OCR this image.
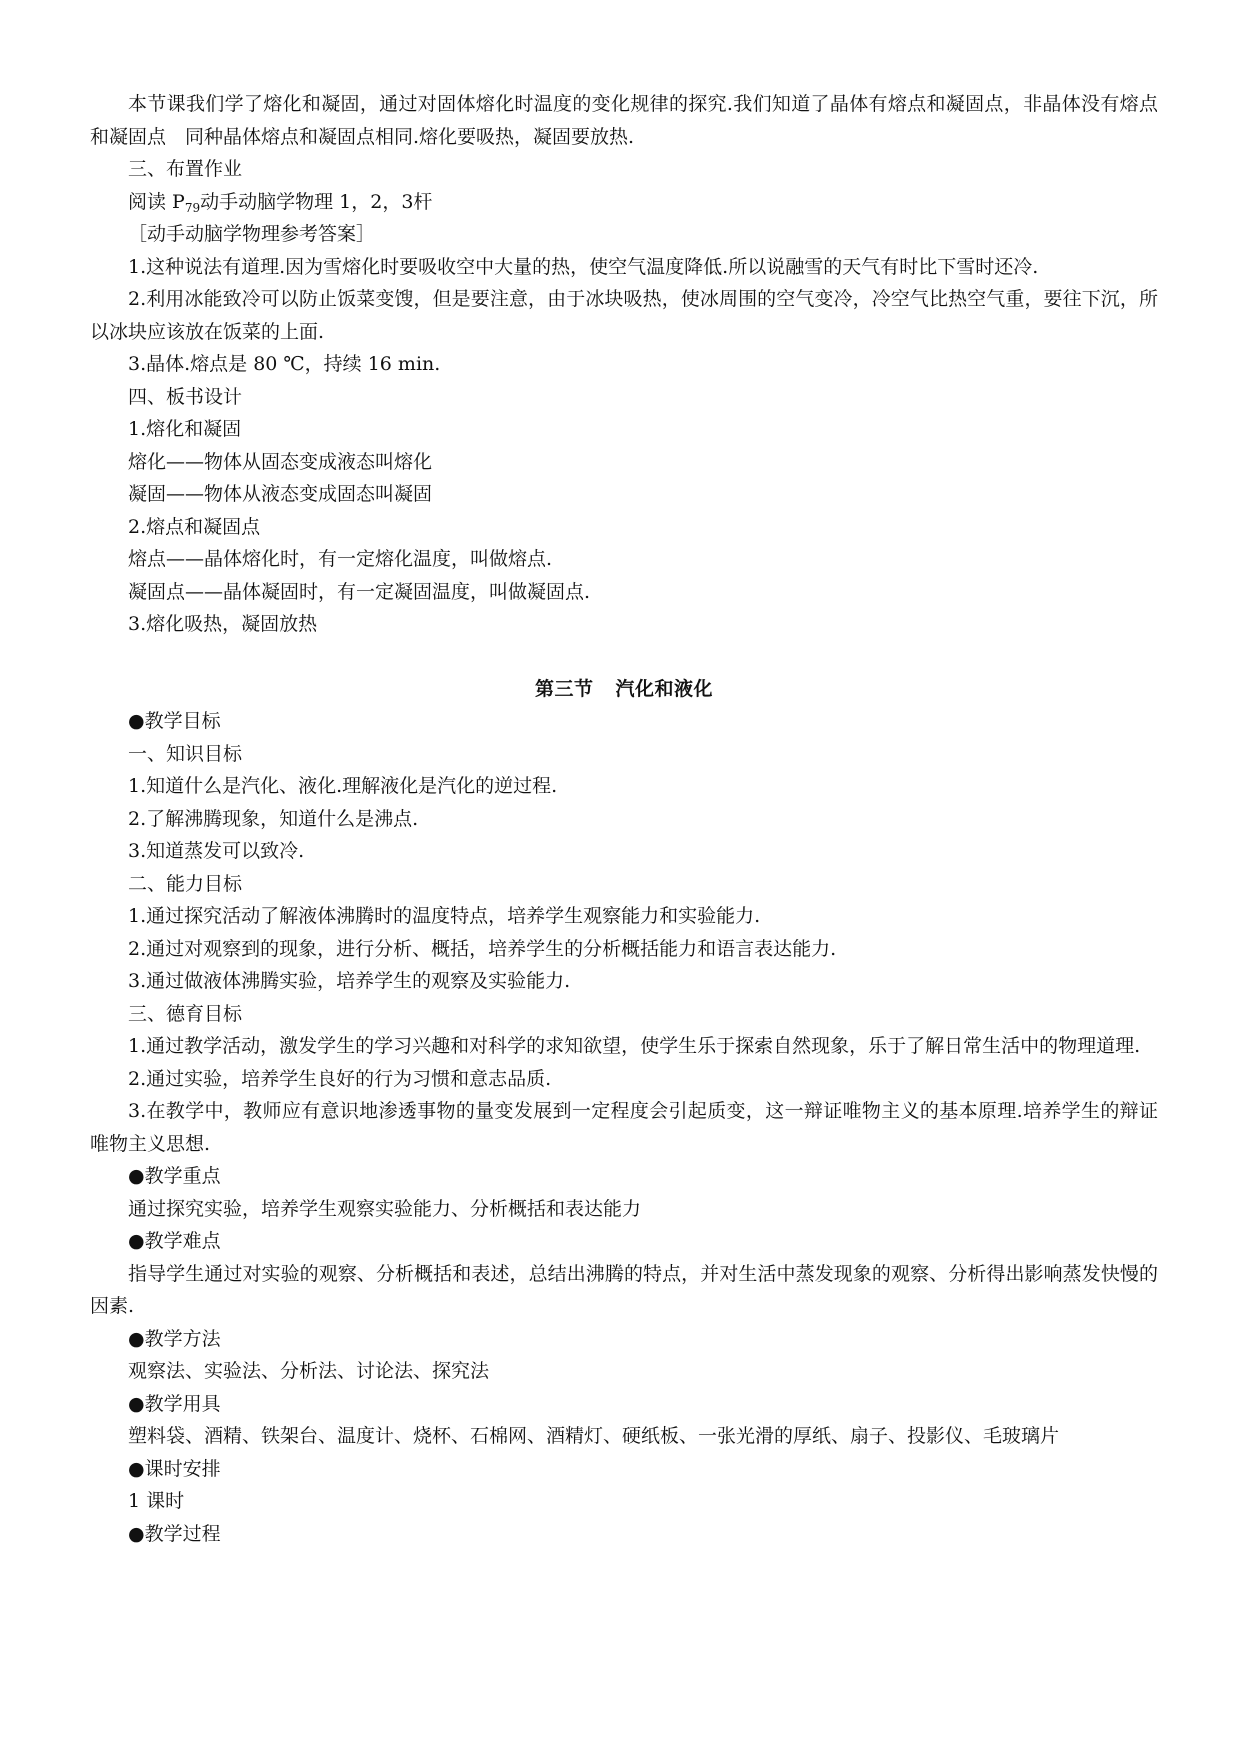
本节课我们学了熔化和凝固，通过对固体熔化时温度的变化规律的探究.我们知道了晶体有熔点和凝固点，非晶体没有熔点和凝固点　同种晶体熔点和凝固点相同.熔化要吸热，凝固要放热.

三、布置作业

阅读 $P_{79}$动手动脑学物理 1，2，3杆

［动手动脑学物理参考答案］

1.这种说法有道理.因为雪熔化时要吸收空中大量的热，使空气温度降低.所以说融雪的天气有时比下雪时还冷.

2.利用冰能致冷可以防止饭菜变馊，但是要注意，由于冰块吸热，使冰周围的空气变冷，冷空气比热空气重，要往下沉，所以冰块应该放在饭菜的上面.

3.晶体.熔点是 80 ℃，持续 16 min.

四、板书设计

1.熔化和凝固

熔化——物体从固态变成液态叫熔化

凝固——物体从液态变成固态叫凝固

2.熔点和凝固点

熔点——晶体熔化时，有一定熔化温度，叫做熔点.

凝固点——晶体凝固时，有一定凝固温度，叫做凝固点.

3.熔化吸热，凝固放热

第三节 汽化和液化

●教学目标

一、知识目标

1.知道什么是汽化、液化.理解液化是汽化的逆过程.

2.了解沸腾现象，知道什么是沸点.

3.知道蒸发可以致冷.

二、能力目标

1.通过探究活动了解液体沸腾时的温度特点，培养学生观察能力和实验能力.

2.通过对观察到的现象，进行分析、概括，培养学生的分析概括能力和语言表达能力.

3.通过做液体沸腾实验，培养学生的观察及实验能力.

三、德育目标

1.通过教学活动，激发学生的学习兴趣和对科学的求知欲望，使学生乐于探索自然现象，乐于了解日常生活中的物理道理.

2.通过实验，培养学生良好的行为习惯和意志品质.

3.在教学中，教师应有意识地渗透事物的量变发展到一定程度会引起质变，这一辩证唯物主义的基本原理.培养学生的辩证唯物主义思想.

●教学重点

通过探究实验，培养学生观察实验能力、分析概括和表达能力

●教学难点

指导学生通过对实验的观察、分析概括和表述，总结出沸腾的特点，并对生活中蒸发现象的观察、分析得出影响蒸发快慢的因素.

●教学方法

观察法、实验法、分析法、讨论法、探究法

●教学用具

塑料袋、酒精、铁架台、温度计、烧杯、石棉网、酒精灯、硬纸板、一张光滑的厚纸、扇子、投影仪、毛玻璃片

●课时安排

1 课时

●教学过程
